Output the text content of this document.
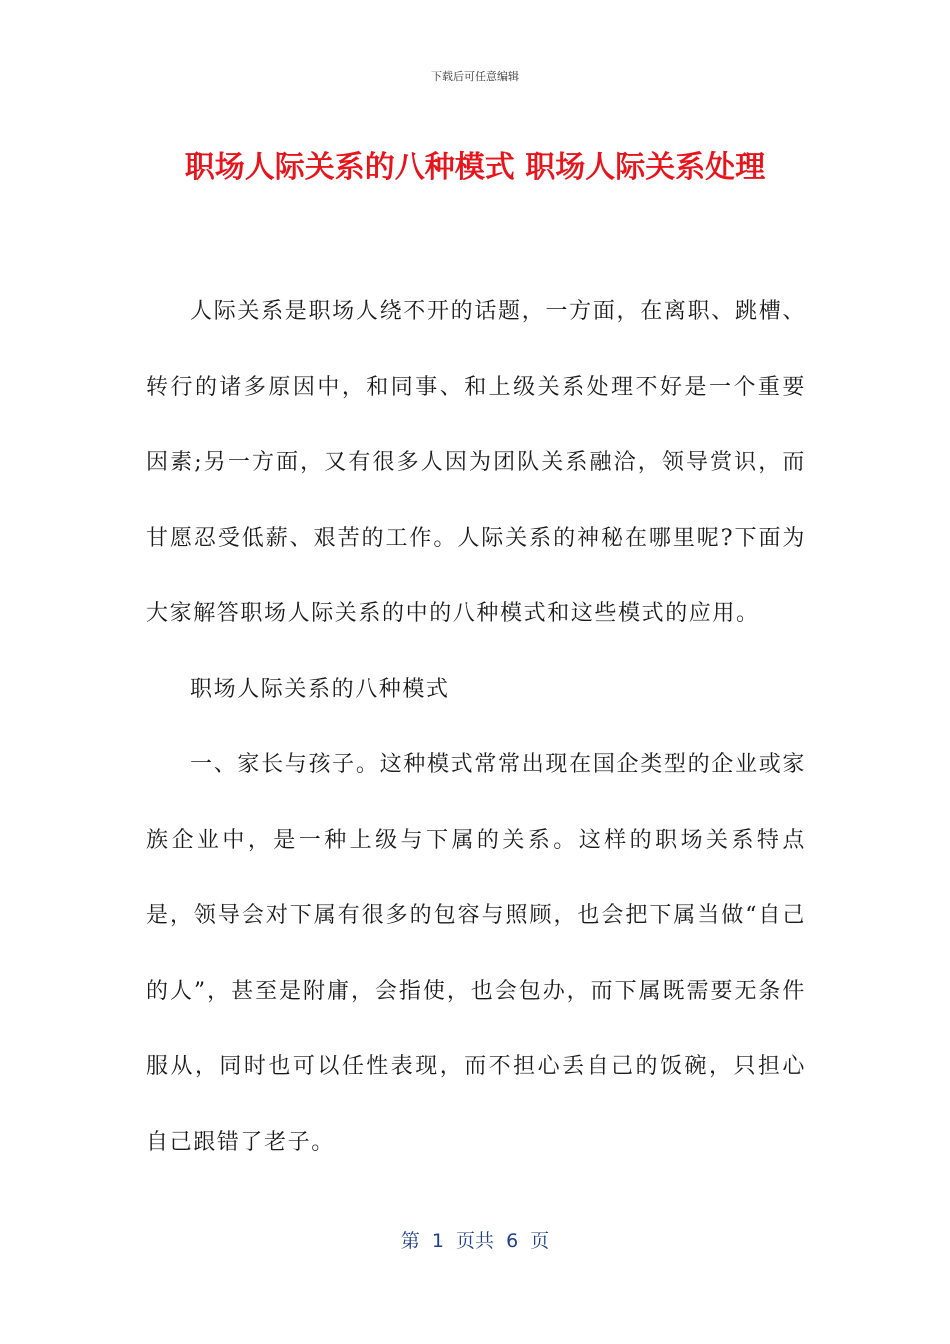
下载后可任意编辑
职场人际关系的八种模式 职场人际关系处理

人际关系是职场人绕不开的话题，一方面，在离职、跳槽、转行的诸多原因中，和同事、和上级关系处理不好是一个重要因素;另一方面，又有很多人因为团队关系融洽，领导赏识，而甘愿忍受低薪、艰苦的工作。人际关系的神秘在哪里呢?下面为大家解答职场人际关系的中的八种模式和这些模式的应用。

职场人际关系的八种模式

一、家长与孩子。这种模式常常出现在国企类型的企业或家族企业中，是一种上级与下属的关系。这样的职场关系特点是，领导会对下属有很多的包容与照顾，也会把下属当做“自己的人”，甚至是附庸，会指使，也会包办，而下属既需要无条件服从，同时也可以任性表现，而不担心丢自己的饭碗，只担心自己跟错了老子。

第  1  页共  6  页
